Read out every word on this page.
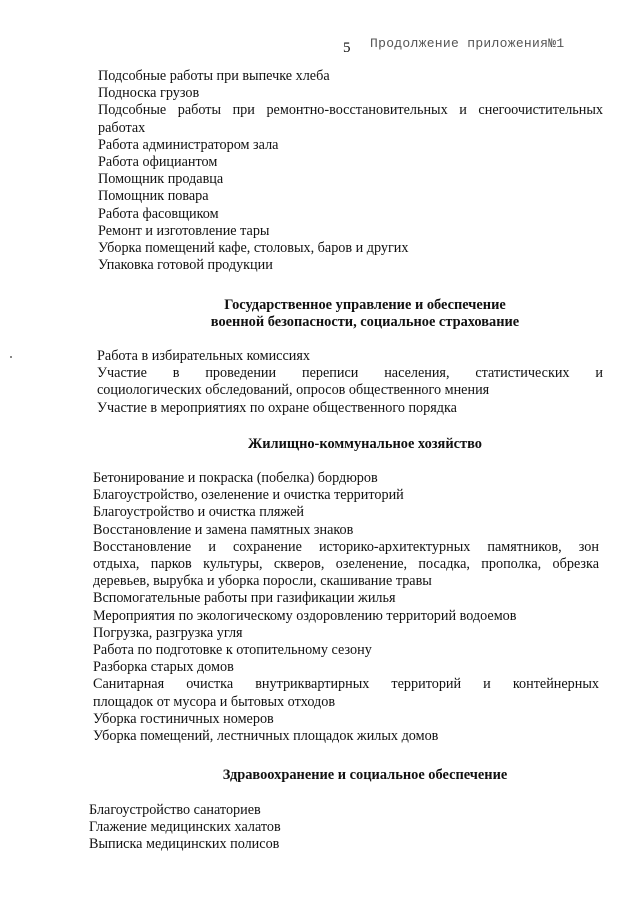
5 Продолжение приложения№1
Подсобные работы при выпечке хлеба
Подноска грузов
Подсобные работы при ремонтно-восстановительных и снегоочистительных
работах
Работа администратором зала
Работа официантом
Помощник продавца
Помощник повара
Работа фасовщиком
Ремонт и изготовление тары
Уборка помещений кафе, столовых, баров и других
Упаковка готовой продукции
Государственное управление и обеспечение
военной безопасности, социальное страхование
Работа в избирательных комиссиях
Участие в проведении переписи населения, статистических и
социологических обследований, опросов общественного мнения
Участие в мероприятиях по охране общественного порядка
Жилищно-коммунальное хозяйство
Бетонирование и покраска (побелка) бордюров
Благоустройство, озеленение и очистка территорий
Благоустройство и очистка пляжей
Восстановление и замена памятных знаков
Восстановление и сохранение историко-архитектурных памятников, зон
отдыха, парков культуры, скверов, озеленение, посадка, прополка, обрезка
деревьев, вырубка и уборка поросли, скашивание травы
Вспомогательные работы при газификации жилья
Мероприятия по экологическому оздоровлению территорий водоемов
Погрузка, разгрузка угля
Работа по подготовке к отопительному сезону
Разборка старых домов
Санитарная очистка внутриквартирных территорий и контейнерных
площадок от мусора и бытовых отходов
Уборка гостиничных номеров
Уборка помещений, лестничных площадок жилых домов
Здравоохранение и социальное обеспечение
Благоустройство санаториев
Глажение медицинских халатов
Выписка медицинских полисов
